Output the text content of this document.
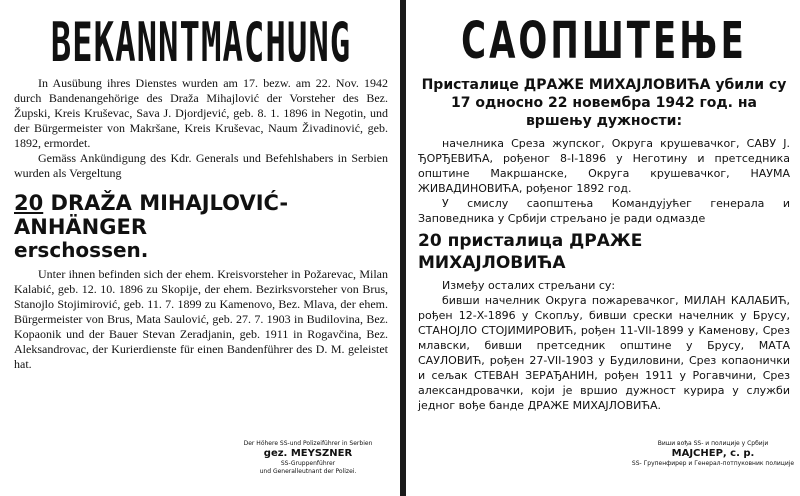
BEKANNTMACHUNG

In Ausübung ihres Dienstes wurden am 17. bezw. am 22. Nov. 1942 durch Bandenangehörige des Draža Mihajlović der Vorsteher des Bez. Župski, Kreis Kruševac, Sava J. Djordjević, geb. 8. 1. 1896 in Negotin, und der Bürgermeister von Makršane, Kreis Kruševac, Naum Živadinović, geb. 1892, ermordet.

Gemäss Ankündigung des Kdr. Generals und Befehlshabers in Serbien wurden als Vergeltung

20 DRAŽA MIHAJLOVIĆ-ANHÄNGER
erschossen.

Unter ihnen befinden sich der ehem. Kreisvorsteher in Požarevac, Milan Kalabić, geb. 12. 10. 1896 zu Skopije, der ehem. Bezirksvorsteher von Brus, Stanojlo Stojimirović, geb. 11. 7. 1899 zu Kamenovo, Bez. Mlava, der ehem. Bürgermeister von Brus, Mata Saulović, geb. 27. 7. 1903 in Budilovina, Bez. Kopaonik und der Bauer Stevan Zeradjanin, geb. 1911 in Rogavčina, Bez. Aleksandrovac, der Kurierdienste für einen Bandenführer des D. M. geleistet hat.

Der Höhere SS-und Polizeiführer in Serbien
gez. MEYSZNER
SS-Gruppenführer
und Generalleutnant der Polizei.
САОПШТЕЊЕ

Присталице ДРАЖЕ МИХАЈЛОВИЋА убили су 17 односно 22 новембра 1942 год. на вршењу дужности:

начелника Среза жупског, Округа крушевачког, САВУ Ј. ЂОРЂЕВИЋА, рођеног 8-I-1896 у Неготину и претседника општине Макршанске, Округа крушевачког, НАУМА ЖИВАДИНОВИЋА, рођеног 1892 год.

У смислу саопштења Командујућег генерала и Заповедника у Србији стрељано је ради одмазде

20 присталица ДРАЖЕ МИХАЈЛОВИЋА

Између осталих стрељани су:

бивши начелник Округа пожаревачког, МИЛАН КАЛАБИЋ, рођен 12-X-1896 у Скопљу, бивши срески начелник у Брусу, СТАНОЈЛО СТОЈИМИРОВИЋ, рођен 11-VII-1899 у Каменову, Срез млавски, бивши претседник општине у Брусу, МАТА САУЛОВИЋ, рођен 27-VII-1903 у Будиловини, Срез копаонички и сељак СТЕВАН ЗЕРАЂАНИН, рођен 1911 у Рогавчини, Срез александровачки, који је вршио дужност курира у служби једног вође банде ДРАЖЕ МИХАЈЛОВИЋА.

Виши вођа SS- и полиције у Србији
МАЈСНЕР, с. р.
SS- Групенфирер и Генерал-потпуковник полиције
